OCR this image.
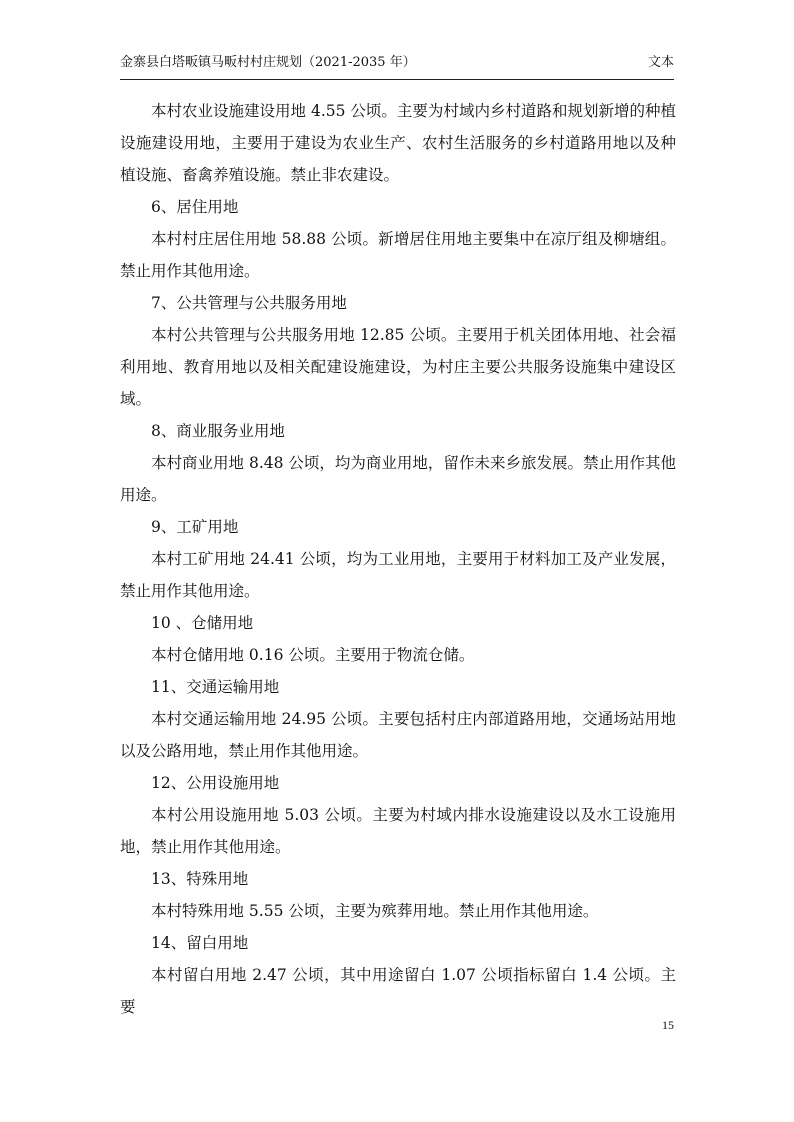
金寨县白塔畈镇马畈村村庄规划（2021-2035 年）	文本

本村农业设施建设用地 4.55 公顷。主要为村域内乡村道路和规划新增的种植设施建设用地，主要用于建设为农业生产、农村生活服务的乡村道路用地以及种植设施、畜禽养殖设施。禁止非农建设。

6、居住用地

本村村庄居住用地 58.88 公顷。新增居住用地主要集中在凉厅组及柳塘组。禁止用作其他用途。

7、公共管理与公共服务用地

本村公共管理与公共服务用地 12.85 公顷。主要用于机关团体用地、社会福利用地、教育用地以及相关配建设施建设，为村庄主要公共服务设施集中建设区域。

8、商业服务业用地

本村商业用地 8.48 公顷，均为商业用地，留作未来乡旅发展。禁止用作其他用途。

9、工矿用地

本村工矿用地 24.41 公顷，均为工业用地，主要用于材料加工及产业发展，禁止用作其他用途。

10 、仓储用地

本村仓储用地 0.16 公顷。主要用于物流仓储。

11、交通运输用地

本村交通运输用地 24.95 公顷。主要包括村庄内部道路用地，交通场站用地以及公路用地，禁止用作其他用途。

12、公用设施用地

本村公用设施用地 5.03 公顷。主要为村域内排水设施建设以及水工设施用地，禁止用作其他用途。

13、特殊用地

本村特殊用地 5.55 公顷，主要为殡葬用地。禁止用作其他用途。

14、留白用地

本村留白用地 2.47 公顷，其中用途留白 1.07 公顷指标留白 1.4 公顷。主要

15
